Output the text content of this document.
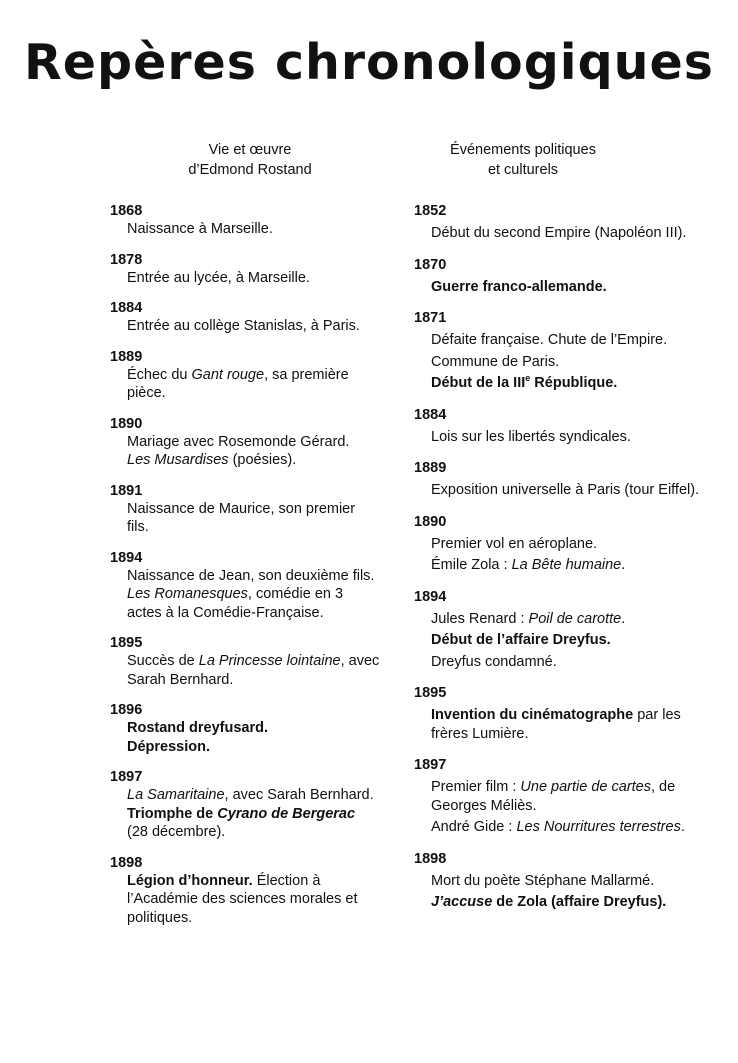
Repères chronologiques
Vie et œuvre
d’Edmond Rostand
1868

Naissance à Marseille.

1878

Entrée au lycée, à Marseille.

1884

Entrée au collège Stanislas, à Paris.

1889

Échec du Gant rouge, sa première pièce.

1890

Mariage avec Rosemonde Gérard.

Les Musardises (poésies).

1891

Naissance de Maurice, son premier fils.

1894

Naissance de Jean, son deuxième fils.

Les Romanesques, comédie en 3 actes à la Comédie-Française.

1895

Succès de La Princesse lointaine, avec Sarah Bernhard.

1896

Rostand dreyfusard.

Dépression.

1897

La Samaritaine, avec Sarah Bernhard.

Triomphe de Cyrano de Bergerac (28 décembre).

1898

Légion d’honneur. Élection à l’Académie des sciences morales et politiques.

Événements politiques
et culturels
1852

Début du second Empire (Napoléon III).

1870

Guerre franco-allemande.

1871

Défaite française. Chute de l’Empire.

Commune de Paris.

Début de la IIIe République.

1884

Lois sur les libertés syndicales.

1889

Exposition universelle à Paris (tour Eiffel).

1890

Premier vol en aéroplane.

Émile Zola : La Bête humaine.

1894

Jules Renard : Poil de carotte.

Début de l’affaire Dreyfus.

Dreyfus condamné.

1895

Invention du cinématographe par les frères Lumière.

1897

Premier film : Une partie de cartes, de Georges Méliès.

André Gide : Les Nourritures terrestres.

1898

Mort du poète Stéphane Mallarmé.

J’accuse de Zola (affaire Dreyfus).
